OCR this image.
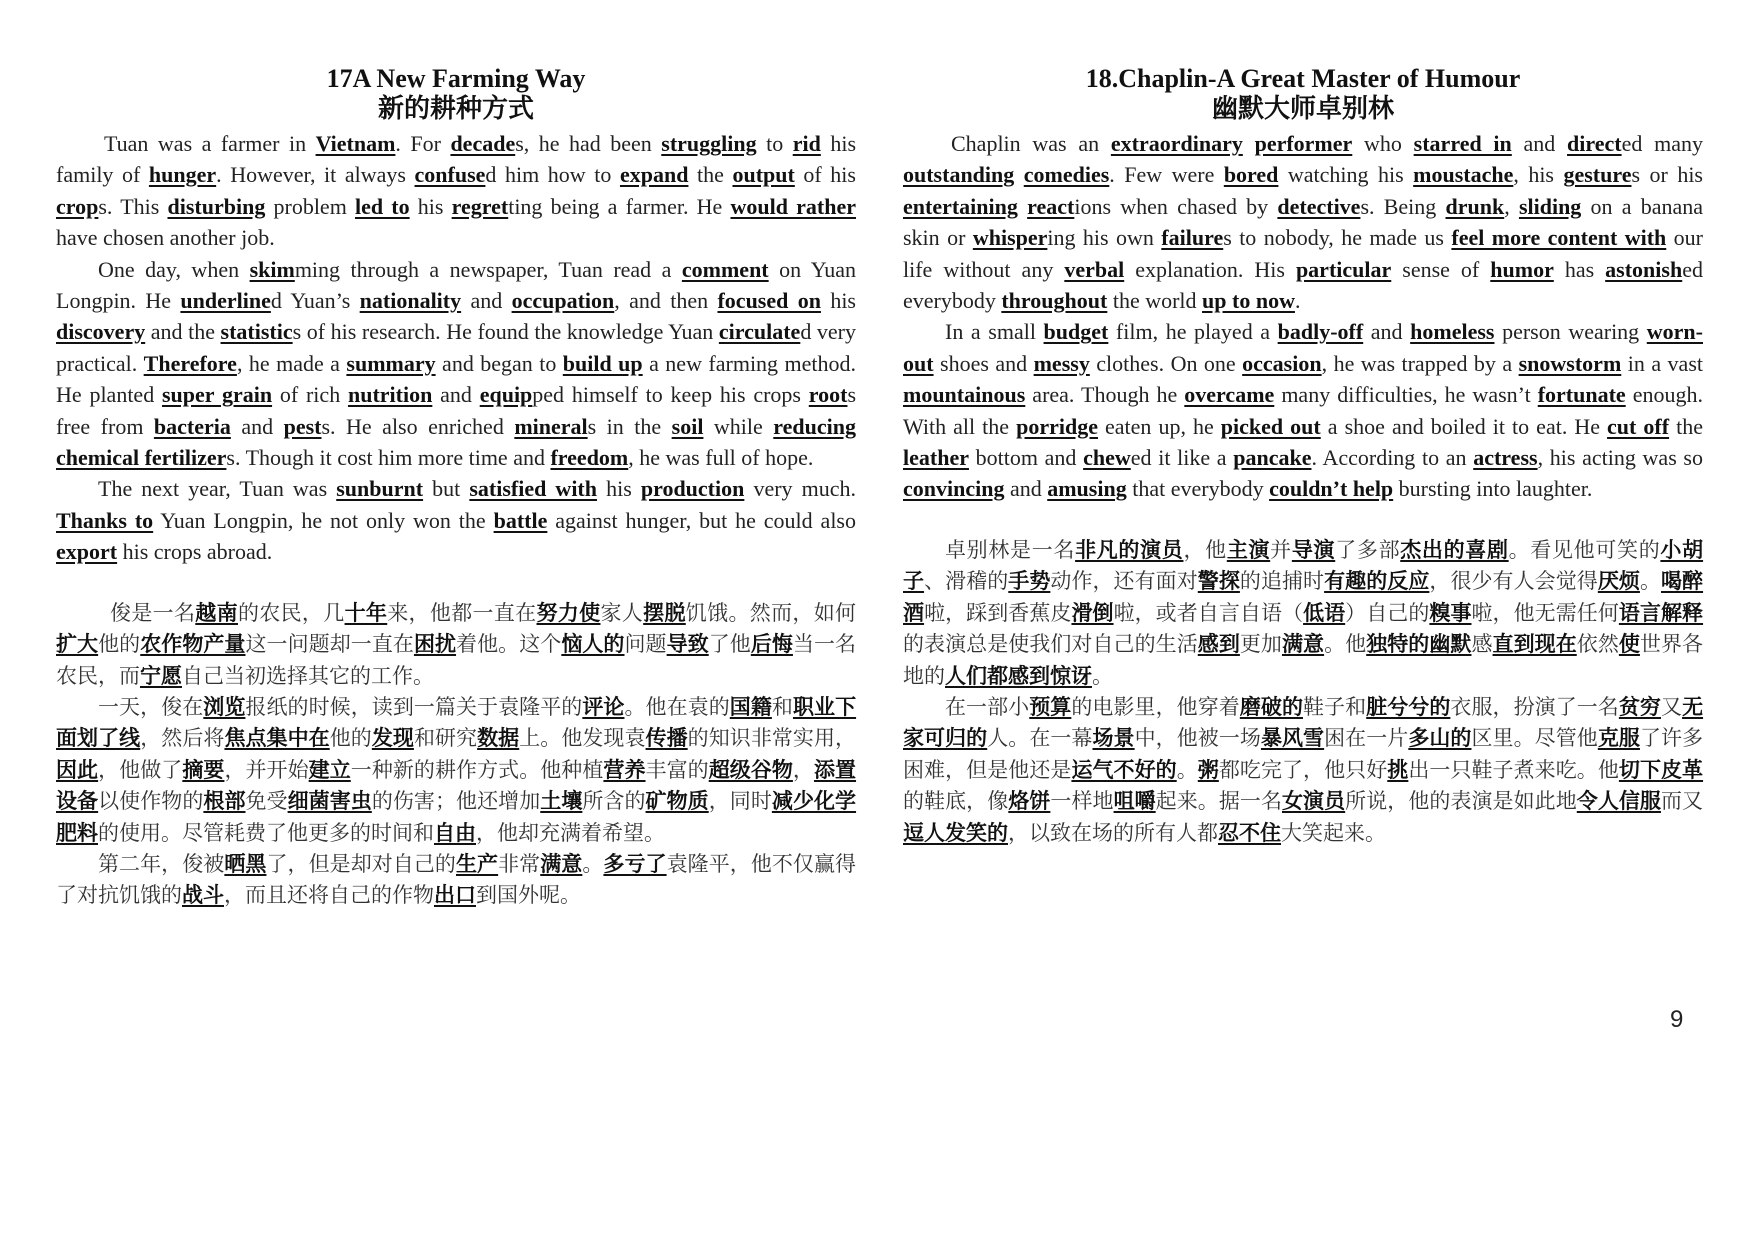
17A New Farming Way
新的耕种方式

Tuan was a farmer in Vietnam. For decades, he had been struggling to rid his family of hunger. However, it always confused him how to expand the output of his crops. This disturbing problem led to his regretting being a farmer. He would rather have chosen another job.

One day, when skimming through a newspaper, Tuan read a comment on Yuan Longpin. He underlined Yuan’s nationality and occupation, and then focused on his discovery and the statistics of his research. He found the knowledge Yuan circulated very practical. Therefore, he made a summary and began to build up a new farming method. He planted super grain of rich nutrition and equipped himself to keep his crops roots free from bacteria and pests. He also enriched minerals in the soil while reducing chemical fertilizers. Though it cost him more time and freedom, he was full of hope.

The next year, Tuan was sunburnt but satisfied with his production very much. Thanks to Yuan Longpin, he not only won the battle against hunger, but he could also export his crops abroad.

俊是一名越南的农民，几十年来，他都一直在努力使家人摆脱饥饿。然而，如何扩大他的农作物产量这一问题却一直在困扰着他。这个恼人的问题导致了他后悔当一名农民，而宁愿自己当初选择其它的工作。

一天，俊在浏览报纸的时候，读到一篇关于袁隆平的评论。他在袁的国籍和职业下面划了线，然后将焦点集中在他的发现和研究数据上。他发现袁传播的知识非常实用，因此，他做了摘要，并开始建立一种新的耕作方式。他种植营养丰富的超级谷物，添置设备以使作物的根部免受细菌害虫的伤害；他还增加土壤所含的矿物质，同时减少化学肥料的使用。尽管耗费了他更多的时间和自由，他却充满着希望。

第二年，俊被晒黑了，但是却对自己的生产非常满意。多亏了袁隆平，他不仅赢得了对抗饥饿的战斗，而且还将自己的作物出口到国外呢。

18.Chaplin-A Great Master of Humour
幽默大师卓别林

Chaplin was an extraordinary performer who starred in and directed many outstanding comedies. Few were bored watching his moustache, his gestures or his entertaining reactions when chased by detectives. Being drunk, sliding on a banana skin or whispering his own failures to nobody, he made us feel more content with our life without any verbal explanation. His particular sense of humor has astonished everybody throughout the world up to now.

In a small budget film, he played a badly-off and homeless person wearing worn-out shoes and messy clothes. On one occasion, he was trapped by a snowstorm in a vast mountainous area. Though he overcame many difficulties, he wasn’t fortunate enough. With all the porridge eaten up, he picked out a shoe and boiled it to eat. He cut off the leather bottom and chewed it like a pancake. According to an actress, his acting was so convincing and amusing that everybody couldn’t help bursting into laughter.

卓别林是一名非凡的演员，他主演并导演了多部杰出的喜剧。看见他可笑的小胡子、滑稽的手势动作，还有面对警探的追捕时有趣的反应，很少有人会觉得厌烦。喝醉酒啦，踩到香蕉皮滑倒啦，或者自言自语（低语）自己的糗事啦，他无需任何语言解释的表演总是使我们对自己的生活感到更加满意。他独特的幽默感直到现在依然使世界各地的人们都感到惊讶。

在一部小预算的电影里，他穿着磨破的鞋子和脏兮兮的衣服，扮演了一名贫穷又无家可归的人。在一幕场景中，他被一场暴风雪困在一片多山的区里。尽管他克服了许多困难，但是他还是运气不好的。粥都吃完了，他只好挑出一只鞋子煮来吃。他切下皮革的鞋底，像烙饼一样地咀嚼起来。据一名女演员所说，他的表演是如此地令人信服而又逗人发笑的，以致在场的所有人都忍不住大笑起来。

9
